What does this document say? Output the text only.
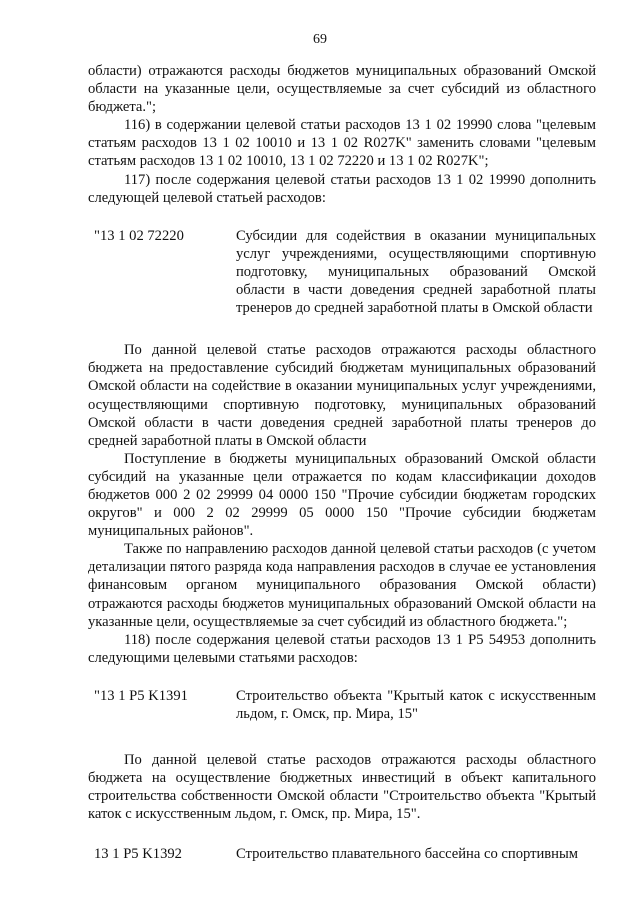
69

области) отражаются расходы бюджетов муниципальных образований Омской области на указанные цели, осуществляемые за счет субсидий из областного бюджета.";

116) в содержании целевой статьи расходов 13 1 02 19990 слова "целевым статьям расходов 13 1 02 10010 и 13 1 02 R027K" заменить словами "целевым статьям расходов 13 1 02 10010, 13 1 02 72220 и 13 1 02 R027K";

117) после содержания целевой статьи расходов 13 1 02 19990 дополнить следующей целевой статьей расходов:

"13 1 02 72220	Субсидии для содействия в оказании муниципальных услуг учреждениями, осуществляющими спортивную подготовку, муниципальных образований Омской области в части доведения средней заработной платы тренеров до средней заработной платы в Омской области

По данной целевой статье расходов отражаются расходы областного бюджета на предоставление субсидий бюджетам муниципальных образований Омской области на содействие в оказании муниципальных услуг учреждениями, осуществляющими спортивную подготовку, муниципальных образований Омской области в части доведения средней заработной платы тренеров до средней заработной платы в Омской области

Поступление в бюджеты муниципальных образований Омской области субсидий на указанные цели отражается по кодам классификации доходов бюджетов 000 2 02 29999 04 0000 150 "Прочие субсидии бюджетам городских округов" и 000 2 02 29999 05 0000 150 "Прочие субсидии бюджетам муниципальных районов".

Также по направлению расходов данной целевой статьи расходов (с учетом детализации пятого разряда кода направления расходов в случае ее установления финансовым органом муниципального образования Омской области) отражаются расходы бюджетов муниципальных образований Омской области на указанные цели, осуществляемые за счет субсидий из областного бюджета.";

118) после содержания целевой статьи расходов 13 1 P5 54953 дополнить следующими целевыми статьями расходов:

"13 1 P5 K1391	Строительство объекта "Крытый каток с искусственным льдом, г. Омск, пр. Мира, 15"

По данной целевой статье расходов отражаются расходы областного бюджета на осуществление бюджетных инвестиций в объект капитального строительства собственности Омской области "Строительство объекта "Крытый каток с искусственным льдом, г. Омск, пр. Мира, 15".

13 1 P5 K1392	Строительство плавательного бассейна со спортивным
